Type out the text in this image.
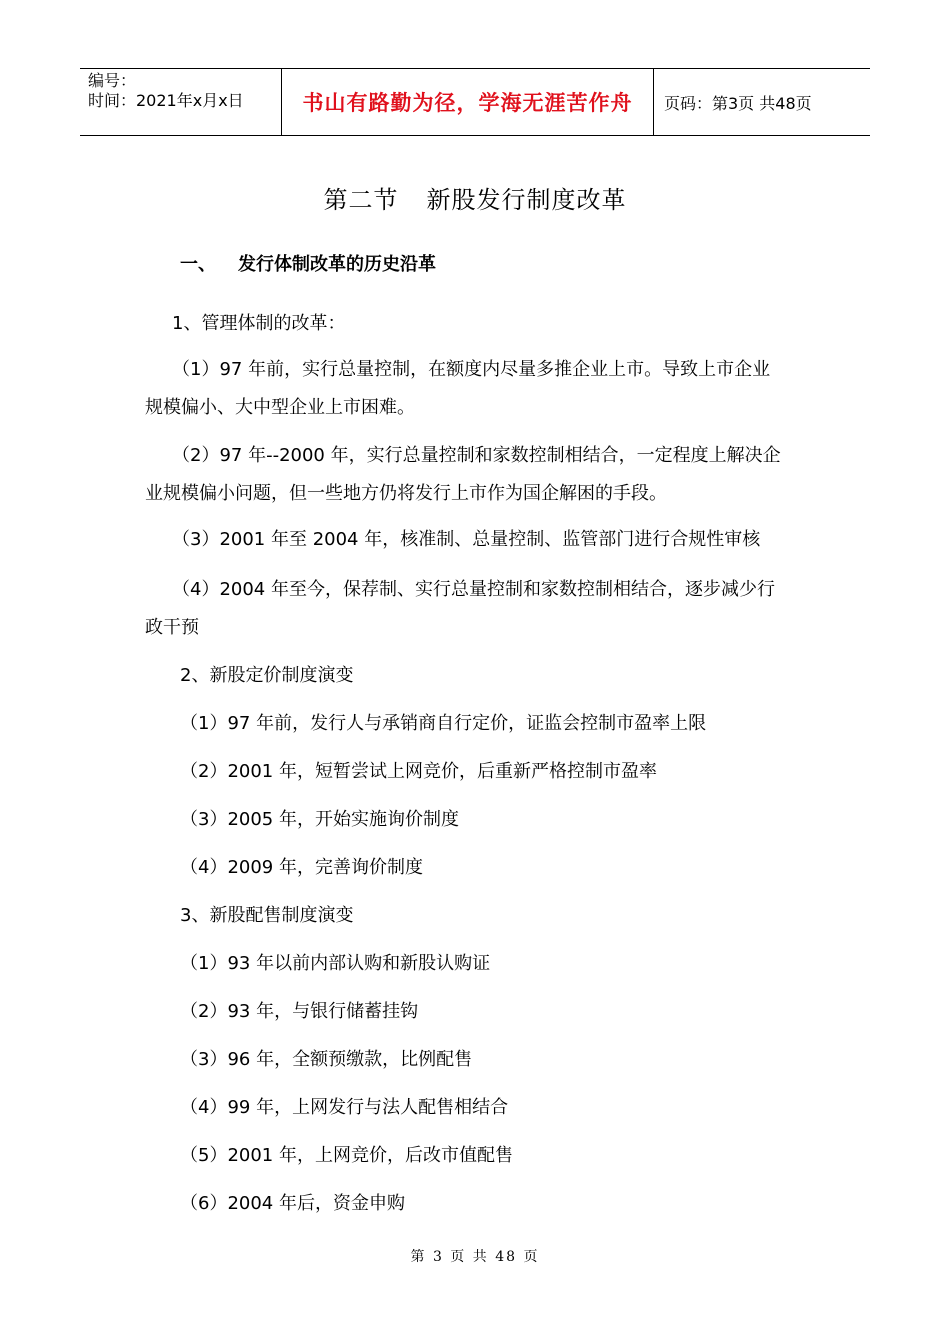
编号：
时间：2021年x月x日	书山有路勤为径，学海无涯苦作舟	页码：第3页 共48页
第二节 新股发行制度改革
一、 发行体制改革的历史沿革
1、管理体制的改革：
（1）97 年前，实行总量控制，在额度内尽量多推企业上市。导致上市企业
规模偏小、大中型企业上市困难。
（2）97 年--2000 年，实行总量控制和家数控制相结合，一定程度上解决企
业规模偏小问题，但一些地方仍将发行上市作为国企解困的手段。
（3）2001 年至 2004 年，核准制、总量控制、监管部门进行合规性审核
（4）2004 年至今，保荐制、实行总量控制和家数控制相结合，逐步减少行
政干预
2、新股定价制度演变
（1）97 年前，发行人与承销商自行定价，证监会控制市盈率上限
（2）2001 年，短暂尝试上网竞价，后重新严格控制市盈率
（3）2005 年，开始实施询价制度
（4）2009 年，完善询价制度
3、新股配售制度演变
（1）93 年以前内部认购和新股认购证
（2）93 年，与银行储蓄挂钩
（3）96 年，全额预缴款，比例配售
（4）99 年，上网发行与法人配售相结合
（5）2001 年，上网竞价，后改市值配售
（6）2004 年后，资金申购
第 3 页 共 48 页
